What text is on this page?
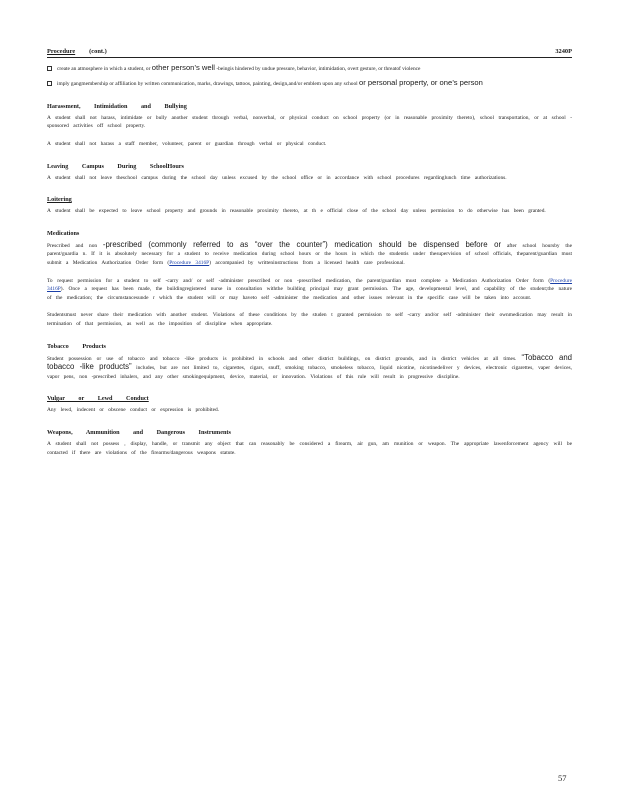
Procedure (cont.)	3240P
create an atmosphere in which a student, or other person’s well -beingis hindered by undue pressure, behavior, intimidation, overt gesture, or threatof violence
imply gangmembership or affiliation by written communication, marks, drawings, tattoos, painting, design,and/or emblem upon any school or personal property, or one’s person
Harassment, Intimidation and Bullying

A student shall not harass, intimidate or bully another student through verbal, nonverbal, or physical conduct on school property (or in reasonable proximity thereto), school transportation, or at school -sponsored activities off school property.

A student shall not harass a staff member, volunteer, parent or guardian through verbal or physical conduct.

Leaving Campus During SchoolHours

A student shall not leave theschool campus during the school day unless excused by the school office or in accordance with school procedures regardinglunch time authorizations.

Loitering

A student shall be expected to leave school property and grounds in reasonable proximity thereto, at th e official close of the school day unless permission to do otherwise has been granted.

Medications

Prescribed and non -prescribed (commonly referred to as “over the counter”) medication should be dispensed before or after school hoursby the parent/guardia n. If it is absolutely necessary for a student to receive medication during school hours or the hours in which the studentis under thesupervision of school officials, theparent/guardian must submit a Medication Authorization Order form (Procedure 3416P) accompanied by writteninstructions from a licensed health care professional.

To request permission for a student to self -carry and/ or self -administer prescribed or non -prescribed medication, the parent/guardian must complete a Medication Authorization Order form (Procedure 3416P). Once a request has been made, the buildingregistered nurse in consultation withthe building principal may grant permission. The age, developmental level, and capability of the student;the nature of the medication; the circumstancesunde r which the student will or may haveto self -administer the medication and other issues relevant in the specific case will be taken into account.

Studentsmust never share their medication with another student. Violations of these conditions by the studen t granted permission to self -carry and/or self -administer their ownmedication may result in termination of that permission, as well as the imposition of discipline when appropriate.

Tobacco Products

Student possession or use of tobacco and tobacco -like products is prohibited in schools and other district buildings, on district grounds, and in district vehicles at all times. “Tobacco and tobacco -like products” includes, but are not limited to, cigarettes, cigars, snuff, smoking tobacco, smokeless tobacco, liquid nicotine, nicotinedeliver y devices, electronic cigarettes, vaper devices, vapor pens, non -prescribed inhalers, and any other smokingequipment, device, material, or innovation. Violations of this rule will result in progressive discipline.

Vulgar or Lewd Conduct

Any lewd, indecent or obscene conduct or expression is prohibited.

Weapons, Ammunition and Dangerous Instruments

A student shall not possess , display, handle, or transmit any object that can reasonably be considered a firearm, air gun, am munition or weapon. The appropriate lawenforcement agency will be contacted if there are violations of the firearms/dangerous weapons statute.

57
